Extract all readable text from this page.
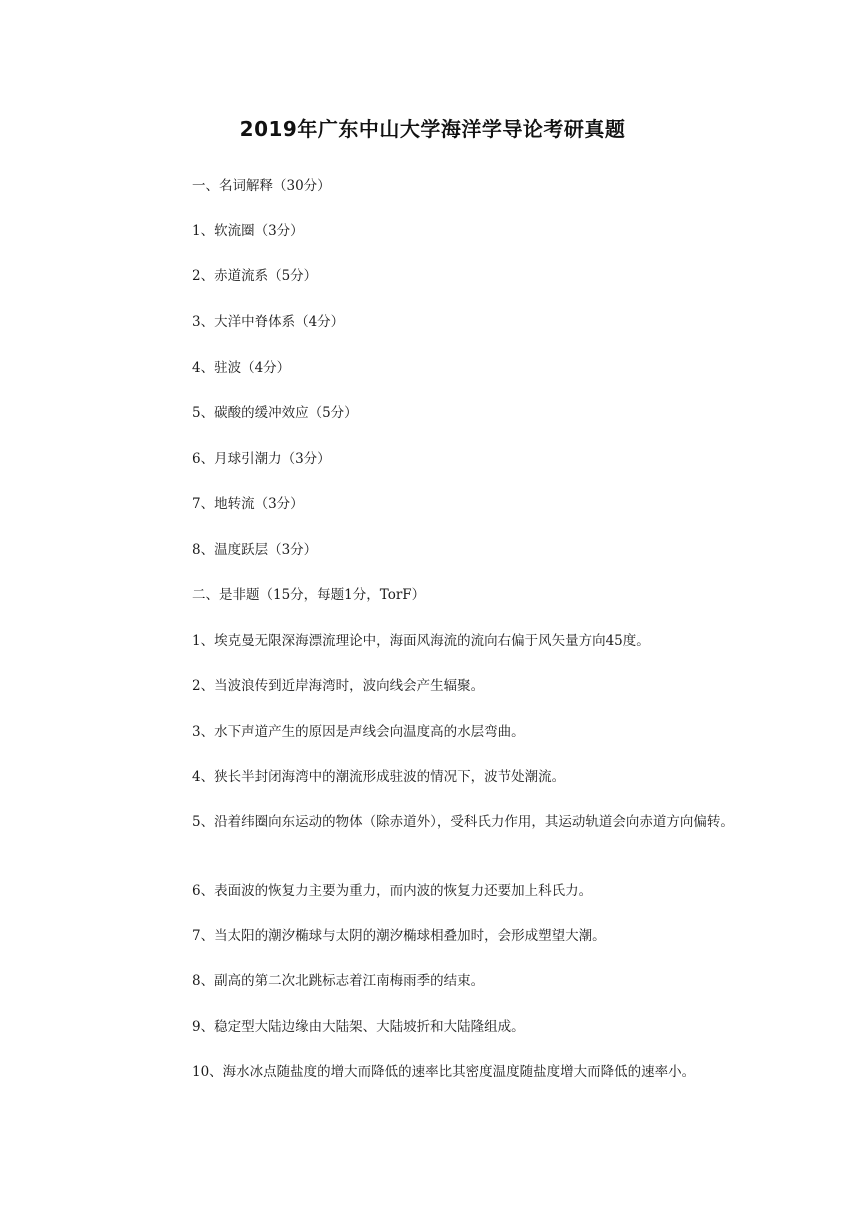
2019年广东中山大学海洋学导论考研真题

一、名词解释（30分）

1、软流圈（3分）

2、赤道流系（5分）

3、大洋中脊体系（4分）

4、驻波（4分）

5、碳酸的缓冲效应（5分）

6、月球引潮力（3分）

7、地转流（3分）

8、温度跃层（3分）

二、是非题（15分，每题1分，TorF）

1、埃克曼无限深海漂流理论中，海面风海流的流向右偏于风矢量方向45度。

2、当波浪传到近岸海湾时，波向线会产生辐聚。

3、水下声道产生的原因是声线会向温度高的水层弯曲。

4、狭长半封闭海湾中的潮流形成驻波的情况下，波节处潮流。

5、沿着纬圈向东运动的物体（除赤道外），受科氏力作用，其运动轨道会向赤道方向偏转。

6、表面波的恢复力主要为重力，而内波的恢复力还要加上科氏力。

7、当太阳的潮汐椭球与太阴的潮汐椭球相叠加时，会形成塑望大潮。

8、副高的第二次北跳标志着江南梅雨季的结束。

9、稳定型大陆边缘由大陆架、大陆坡折和大陆隆组成。

10、海水冰点随盐度的增大而降低的速率比其密度温度随盐度增大而降低的速率小。
